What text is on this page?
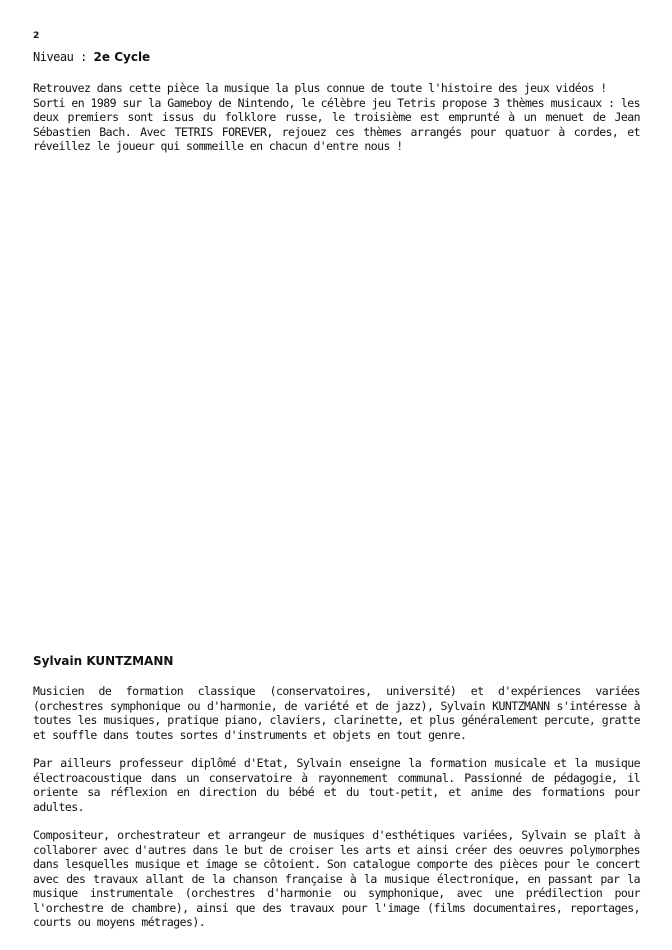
2
Niveau : 2e Cycle

Retrouvez dans cette pièce la musique la plus connue de toute l'histoire des jeux vidéos !

Sorti en 1989 sur la Gameboy de Nintendo, le célèbre jeu Tetris propose 3 thèmes musicaux : les deux premiers sont issus du folklore russe, le troisième est emprunté à un menuet de Jean Sébastien Bach. Avec TETRIS FOREVER, rejouez ces thèmes arrangés pour quatuor à cordes, et réveillez le joueur qui sommeille en chacun d'entre nous !

Sylvain KUNTZMANN

Musicien de formation classique (conservatoires, université) et d'expériences variées (orchestres symphonique ou d'harmonie, de variété et de jazz), Sylvain KUNTZMANN s'intéresse à toutes les musiques, pratique piano, claviers, clarinette, et plus généralement percute, gratte et souffle dans toutes sortes d'instruments et objets en tout genre.

Par ailleurs professeur diplômé d'Etat, Sylvain enseigne la formation musicale et la musique électroacoustique dans un conservatoire à rayonnement communal. Passionné de pédagogie, il oriente sa réflexion en direction du bébé et du tout-petit, et anime des formations pour adultes.

Compositeur, orchestrateur et arrangeur de musiques d'esthétiques variées, Sylvain se plaît à collaborer avec d'autres dans le but de croiser les arts et ainsi créer des oeuvres polymorphes dans lesquelles musique et image se côtoient. Son catalogue comporte des pièces pour le concert avec des travaux allant de la chanson française à la musique électronique, en passant par la musique instrumentale (orchestres d'harmonie ou symphonique, avec une prédilection pour l'orchestre de chambre), ainsi que des travaux pour l'image (films documentaires, reportages, courts ou moyens métrages).
